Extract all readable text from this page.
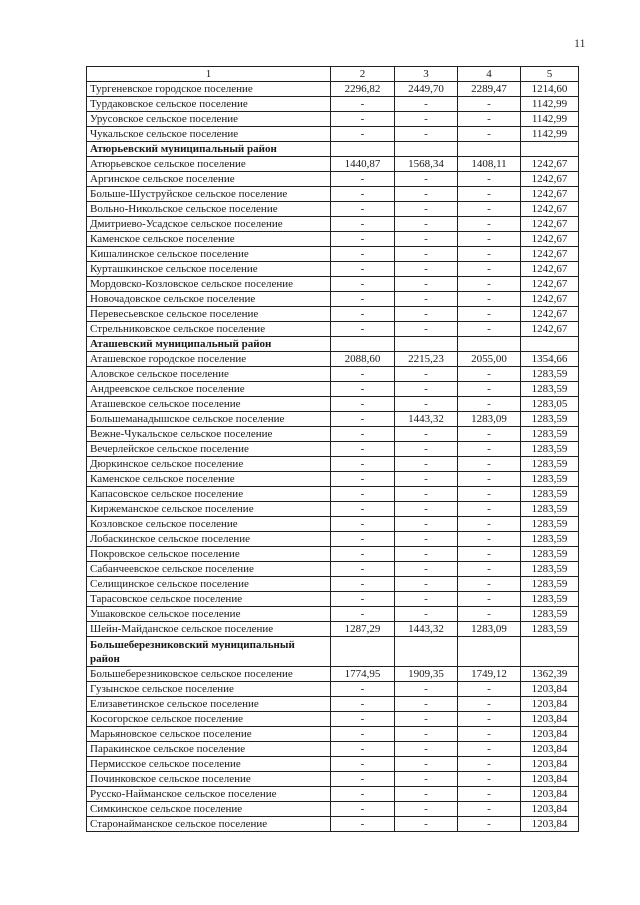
11
1	2	3	4	5
Тургеневское городское поселение	2296,82	2449,70	2289,47	1214,60
Турдаковское сельское поселение	-	-	-	1142,99
Урусовское сельское поселение	-	-	-	1142,99
Чукальское сельское поселение	-	-	-	1142,99
Атюрьевский муниципальный район				
Атюрьевское сельское поселение	1440,87	1568,34	1408,11	1242,67
Аргинское сельское поселение	-	-	-	1242,67
Больше-Шуструйское сельское поселение	-	-	-	1242,67
Вольно-Никольское сельское поселение	-	-	-	1242,67
Дмитриево-Усадское сельское поселение	-	-	-	1242,67
Каменское сельское поселение	-	-	-	1242,67
Кишалинское сельское поселение	-	-	-	1242,67
Курташкинское сельское поселение	-	-	-	1242,67
Мордовско-Козловское сельское поселение	-	-	-	1242,67
Новочадовское сельское поселение	-	-	-	1242,67
Перевесьевское сельское поселение	-	-	-	1242,67
Стрельниковское сельское поселение	-	-	-	1242,67
Аташевский муниципальный район				
Аташевское городское поселение	2088,60	2215,23	2055,00	1354,66
Аловское сельское поселение	-	-	-	1283,59
Андреевское сельское поселение	-	-	-	1283,59
Аташевское сельское поселение	-	-	-	1283,05
Большеманадышское сельское поселение	-	1443,32	1283,09	1283,59
Вежне-Чукальское сельское поселение	-	-	-	1283,59
Вечерлейское сельское поселение	-	-	-	1283,59
Дюркинское сельское поселение	-	-	-	1283,59
Каменское сельское поселение	-	-	-	1283,59
Капасовское сельское поселение	-	-	-	1283,59
Киржеманское сельское поселение	-	-	-	1283,59
Козловское сельское поселение	-	-	-	1283,59
Лобаскинское сельское поселение	-	-	-	1283,59
Покровское сельское поселение	-	-	-	1283,59
Сабанчеевское сельское поселение	-	-	-	1283,59
Селищинское сельское поселение	-	-	-	1283,59
Тарасовское сельское поселение	-	-	-	1283,59
Ушаковское сельское поселение	-	-	-	1283,59
Шейн-Майданское сельское поселение	1287,29	1443,32	1283,09	1283,59
Большеберезниковский муниципальный район				
Большеберезниковское сельское поселение	1774,95	1909,35	1749,12	1362,39
Гузынское сельское поселение	-	-	-	1203,84
Елизаветинское сельское поселение	-	-	-	1203,84
Косогорское сельское поселение	-	-	-	1203,84
Марьяновское сельское поселение	-	-	-	1203,84
Паракинское сельское поселение	-	-	-	1203,84
Пермисское сельское поселение	-	-	-	1203,84
Починковское сельское поселение	-	-	-	1203,84
Русско-Найманское сельское поселение	-	-	-	1203,84
Симкинское сельское поселение	-	-	-	1203,84
Старонайманское сельское поселение	-	-	-	1203,84
